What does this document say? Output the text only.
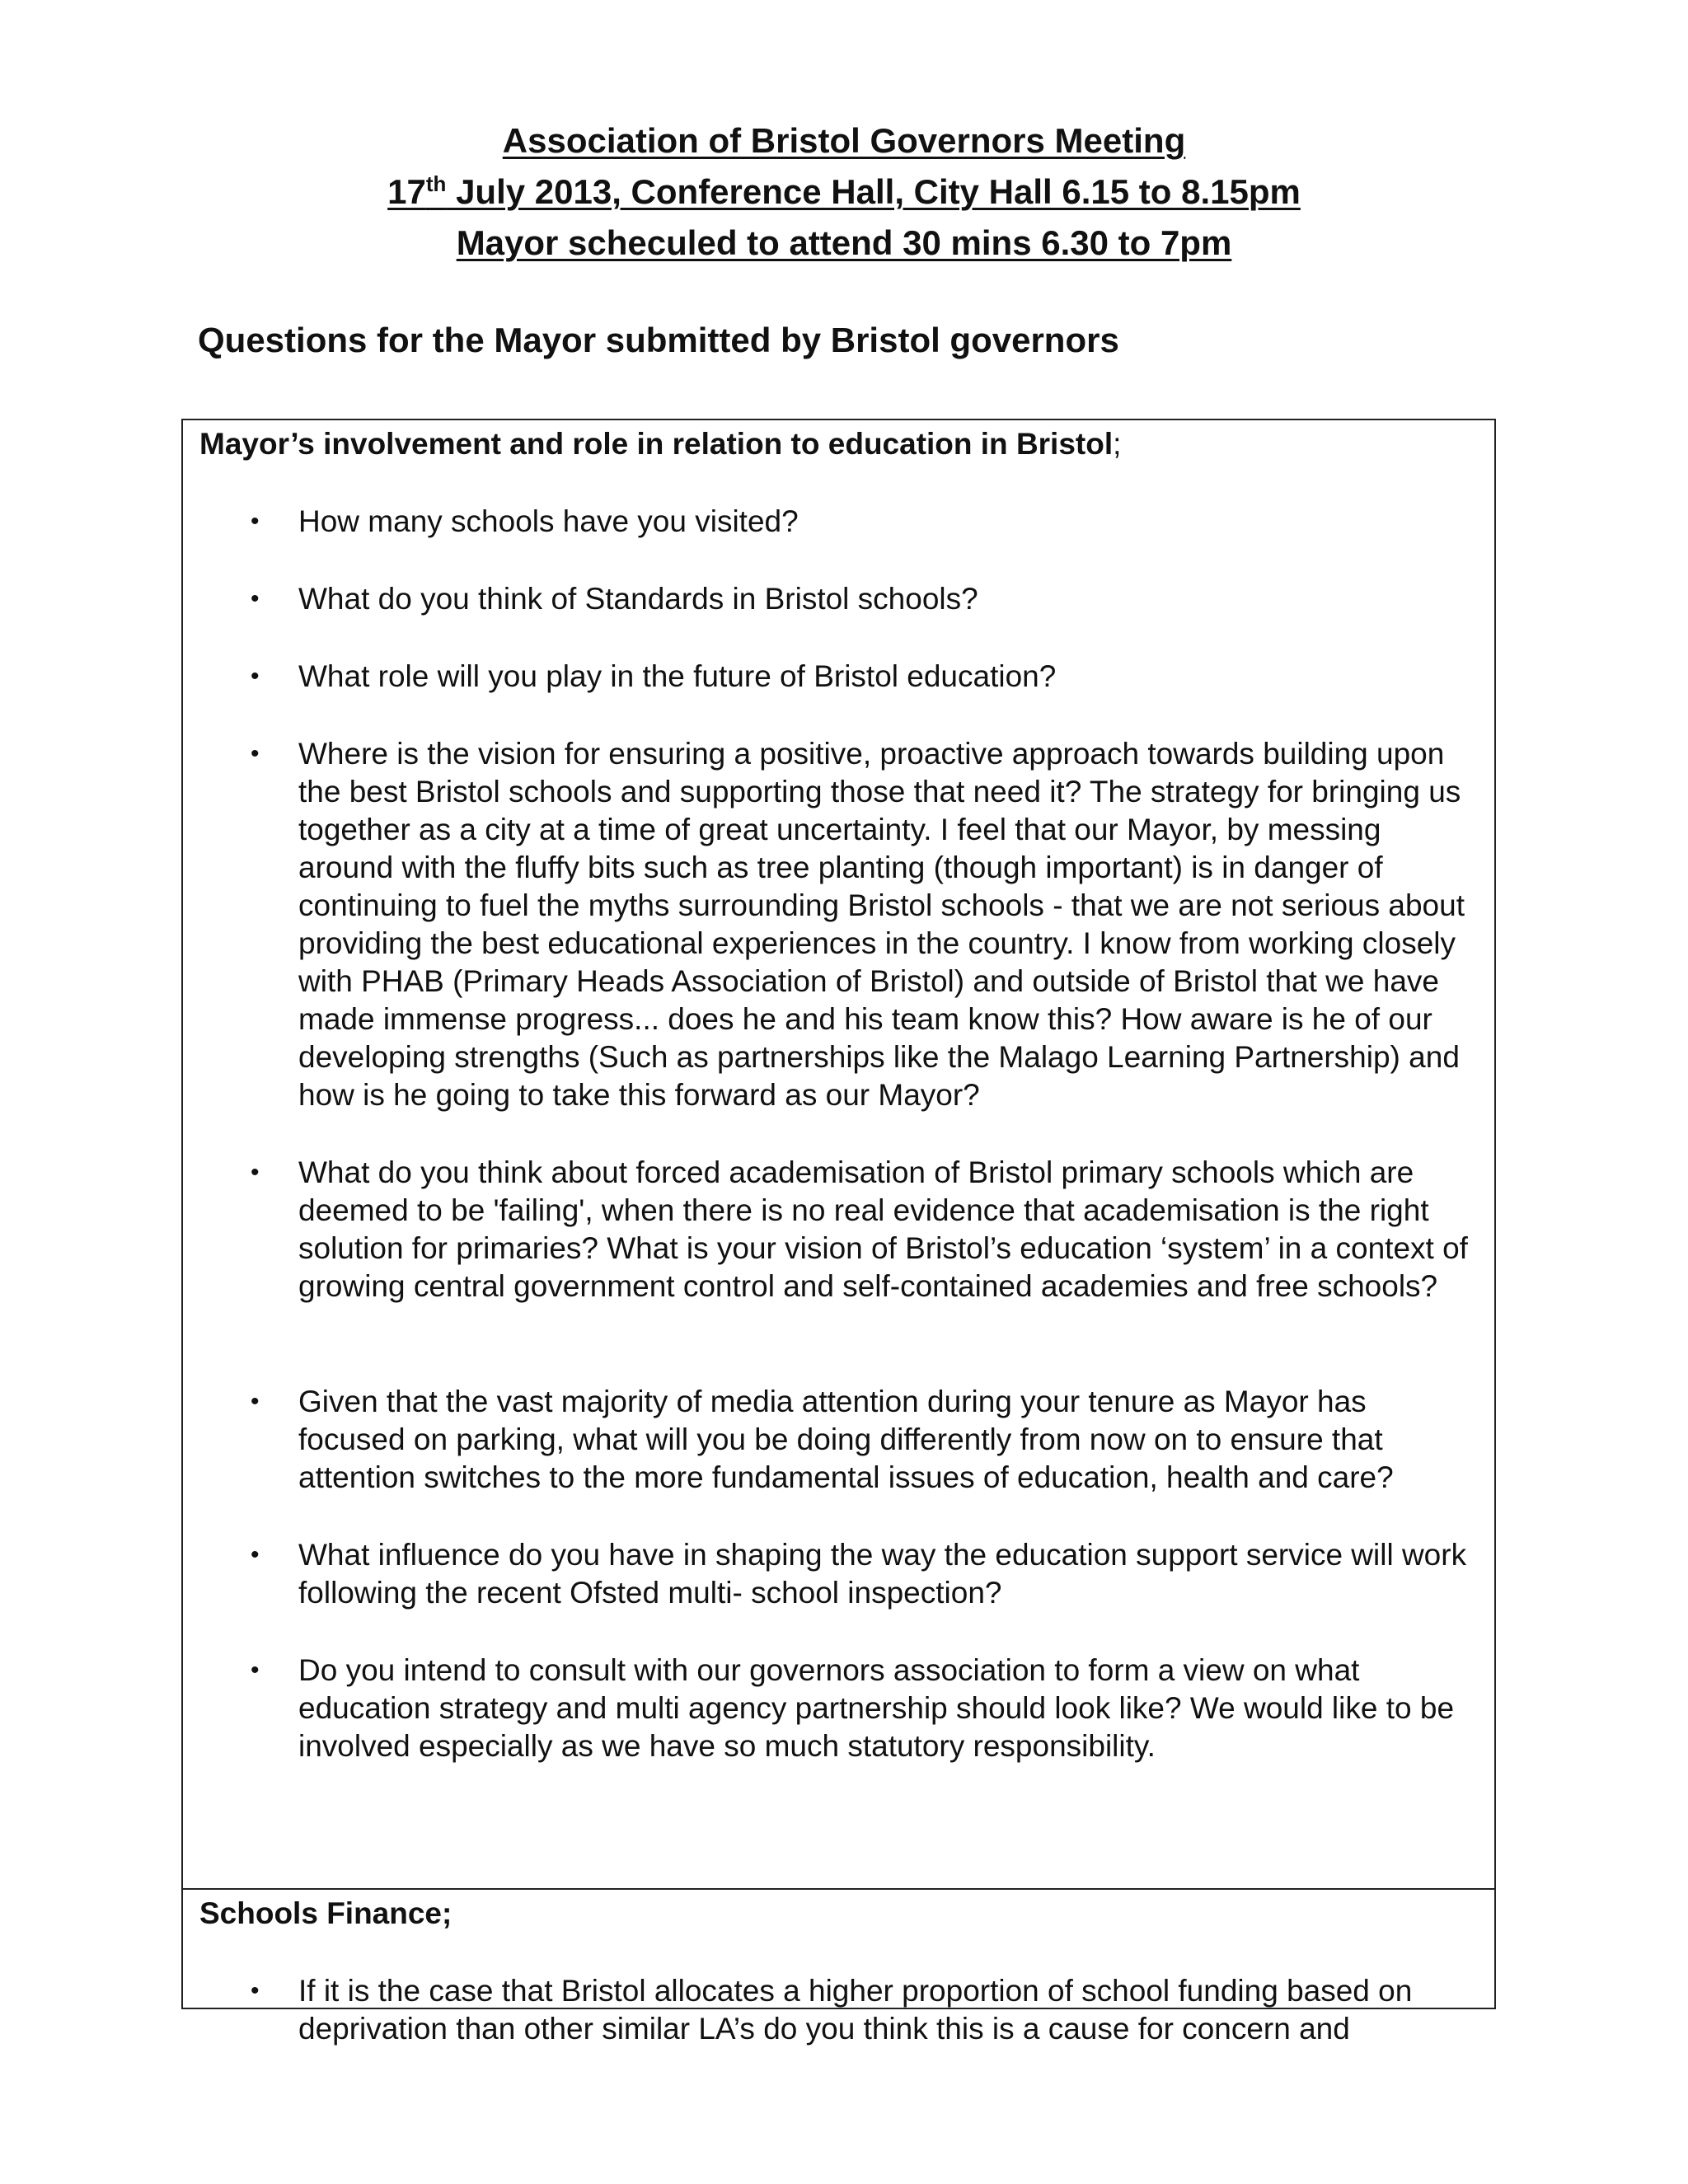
Association of Bristol Governors Meeting
17th July 2013, Conference Hall, City Hall 6.15 to 8.15pm
Mayor scheculed to attend 30 mins 6.30 to 7pm
Questions for the Mayor submitted by Bristol governors

Mayor’s involvement and role in relation to education in Bristol;

• How many schools have you visited?
• What do you think of Standards in Bristol schools?
• What role will you play in the future of Bristol education?
• Where is the vision for ensuring a positive, proactive approach towards building upon the best Bristol schools and supporting those that need it? The strategy for bringing us together as a city at a time of great uncertainty. I feel that our Mayor, by messing around with the fluffy bits such as tree planting (though important) is in danger of continuing to fuel the myths surrounding Bristol schools - that we are not serious about providing the best educational experiences in the country. I know from working closely with PHAB (Primary Heads Association of Bristol) and outside of Bristol that we have made immense progress... does he and his team know this? How aware is he of our developing strengths (Such as partnerships like the Malago Learning Partnership) and how is he going to take this forward as our Mayor?
• What do you think about forced academisation of Bristol primary schools which are deemed to be 'failing', when there is no real evidence that academisation is the right solution for primaries? What is your vision of Bristol’s education ‘system’ in a context of growing central government control and self-contained academies and free schools?
• Given that the vast majority of media attention during your tenure as Mayor has focused on parking, what will you be doing differently from now on to ensure that attention switches to the more fundamental issues of education, health and care?
• What influence do you have in shaping the way the education support service will work following the recent Ofsted multi- school inspection?
• Do you intend to consult with our governors association to form a view on what education strategy and multi agency partnership should look like? We would like to be involved especially as we have so much statutory responsibility.

Schools Finance;

• If it is the case that Bristol allocates a higher proportion of school funding based on deprivation than other similar LA’s do you think this is a cause for concern and
